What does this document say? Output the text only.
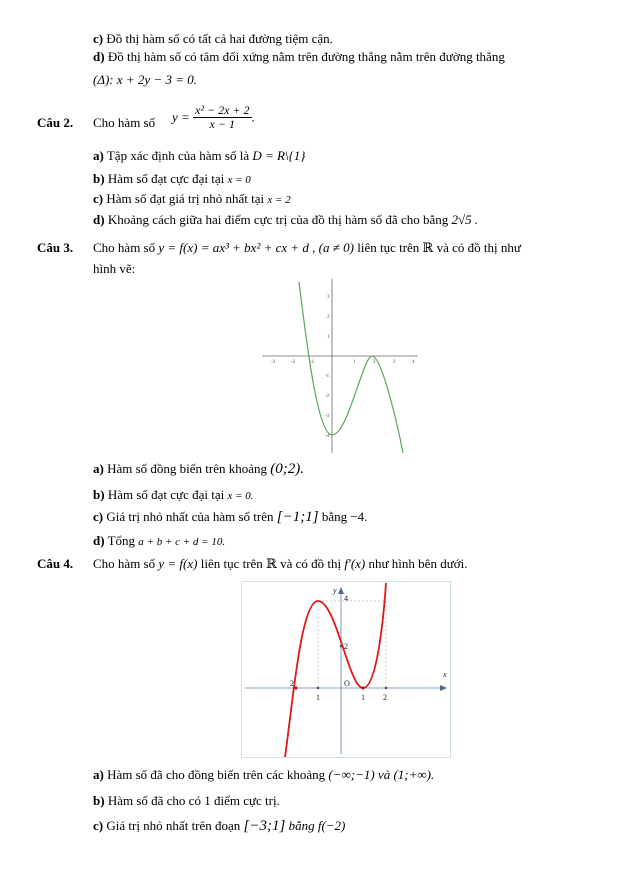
c) Đồ thị hàm số có tất cả hai đường tiệm cận.
d) Đồ thị hàm số có tâm đối xứng nằm trên đường thẳng nằm trên đường thẳng
(Δ): x + 2y − 3 = 0.
Câu 2. Cho hàm số $y = \frac{\text{x² − 2x + 2}}{x - 1}$ .
a) Tập xác định của hàm số là D = R\{1}
b) Hàm số đạt cực đại tại x = 0
c) Hàm số đạt giá trị nhỏ nhất tại x = 2
d) Khoảng cách giữa hai điểm cực trị của đồ thị hàm số đã cho bằng 2√5 .
Câu 3. Cho hàm số y = f(x) = ax³ + bx² + cx + d , (a ≠ 0) liên tục trên ℝ và có đồ thị như
hình vẽ:
-3	-2	-1	1	2	3	4
3
2
1
-1
-2
-3
-4
a) Hàm số đồng biến trên khoảng (0;2).
b) Hàm số đạt cực đại tại x = 0.
c) Giá trị nhỏ nhất của hàm số trên [−1;1] bằng −4.
d) Tổng a + b + c + d = 10.
Câu 4. Cho hàm số y = f(x) liên tục trên ℝ và có đồ thị f′(x) như hình bên dưới.
y
x
4
2
O
2
1	1 2
a) Hàm số đã cho đồng biến trên các khoảng (−∞;−1) và (1;+∞).
b) Hàm số đã cho có 1 điểm cực trị.
c) Giá trị nhỏ nhất trên đoạn [−3;1] bằng f(−2)
